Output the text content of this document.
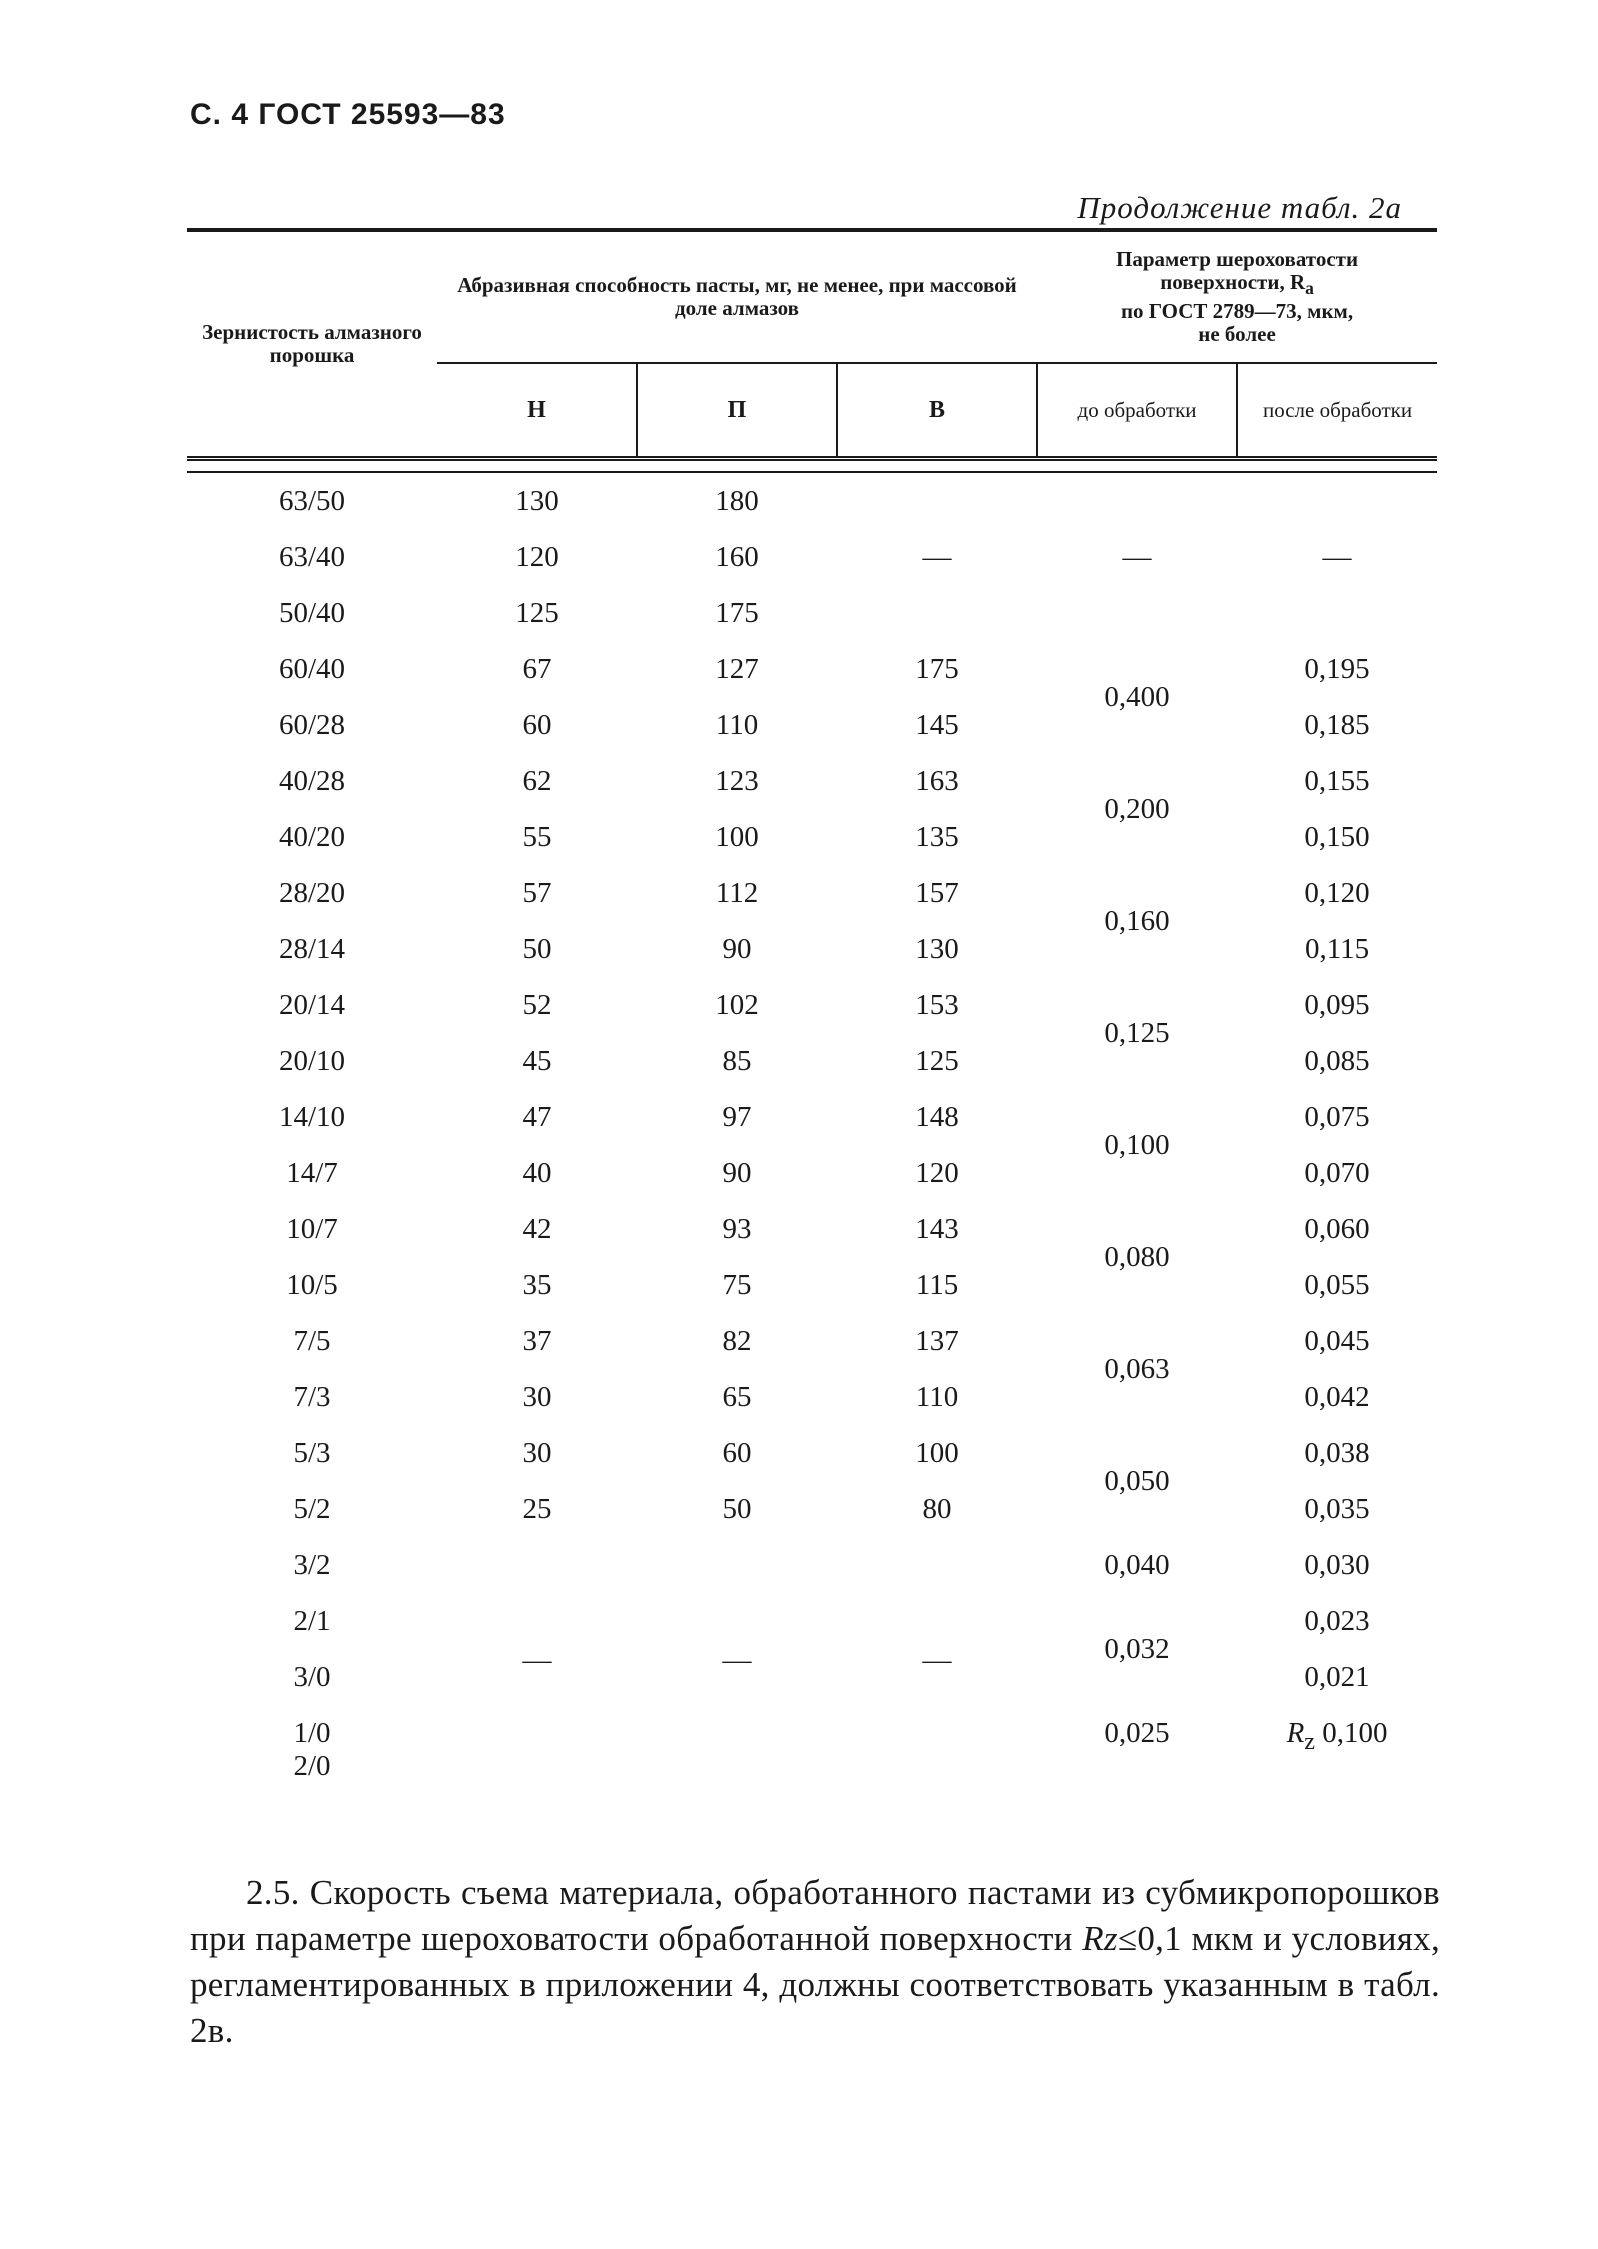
С. 4 ГОСТ 25593—83
Продолжение табл. 2а
Зернистость алмазного порошка	Абразивная способность пасты, мг, не менее, при массовой доле алмазов			Параметр шероховатости
поверхности, $R_a$
по ГОСТ 2789—73, мкм,
не более	
	Н	П	В	до обработки	после обработки

63/50	130	180	—	—	—
63/40	120	160			
50/40	125	175			
60/40	67	127	175	0,400	0,195
60/28	60	110	145		0,185
40/28	62	123	163	0,200	0,155
40/20	55	100	135		0,150
28/20	57	112	157	0,160	0,120
28/14	50	90	130		0,115
20/14	52	102	153	0,125	0,095
20/10	45	85	125		0,085
14/10	47	97	148	0,100	0,075
14/7	40	90	120		0,070
10/7	42	93	143	0,080	0,060
10/5	35	75	115		0,055
7/5	37	82	137	0,063	0,045
7/3	30	65	110		0,042
5/3	30	60	100	0,050	0,038
5/2	25	50	80		0,035
3/2	—	—	—	0,040	0,030
2/1				0,032	0,023
3/0					0,021
1/0
2/0				0,025	$R_z$ 0,100

2.5. Скорость съема материала, обработанного пастами из субмикропорошков при параметре шероховатости обработанной поверхности Rz≤0,1 мкм и условиях, регламентированных в приложении 4, должны соответствовать указанным в табл. 2в.
